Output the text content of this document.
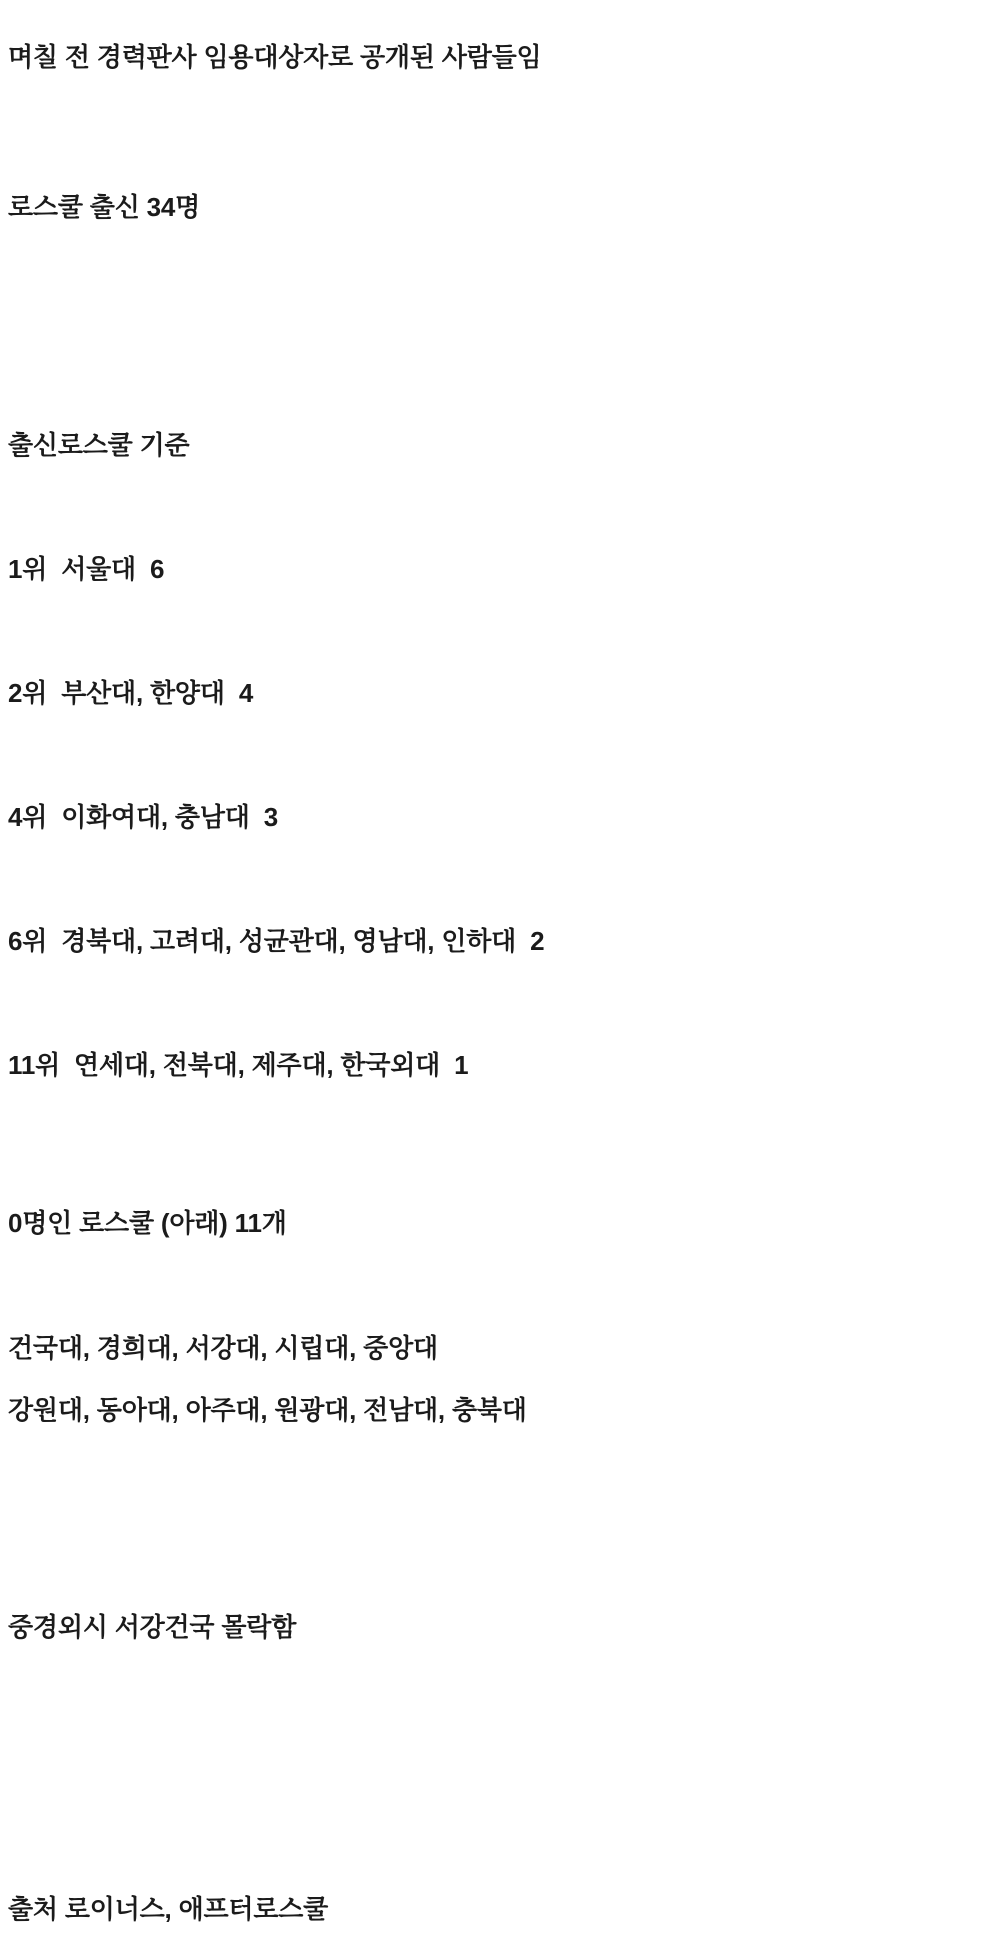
며칠 전 경력판사 임용대상자로 공개된 사람들임

로스쿨 출신 34명

출신로스쿨 기준

1위  서울대  6

2위  부산대, 한양대  4

4위  이화여대, 충남대  3

6위  경북대, 고려대, 성균관대, 영남대, 인하대  2

11위  연세대, 전북대, 제주대, 한국외대  1

0명인 로스쿨 (아래) 11개

건국대, 경희대, 서강대, 시립대, 중앙대

강원대, 동아대, 아주대, 원광대, 전남대, 충북대

중경외시 서강건국 몰락함

출처 로이너스, 애프터로스쿨
